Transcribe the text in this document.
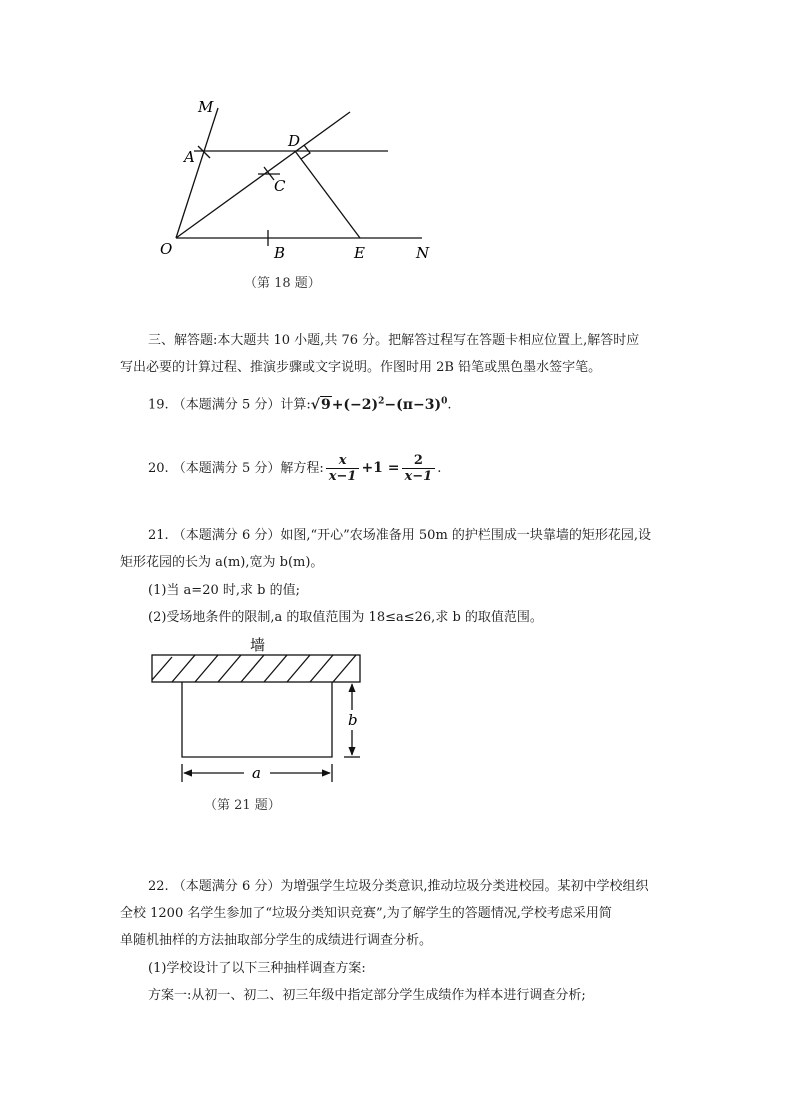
M
A
D
C
O	B	E	N
（第 18 题）
三、解答题:本大题共 10 小题,共 76 分。把解答过程写在答题卡相应位置上,解答时应
写出必要的计算过程、推演步骤或文字说明。作图时用 2B 铅笔或黑色墨水签字笔。
19. （本题满分 5 分）计算$:√9+(-2)^2-(\pi-3)^0$.
20. （本题满分 5 分）解方程: $\frac{x}{x-1} +1 = \frac{2}{x-1}$ .
21. （本题满分 6 分）如图,“开心”农场准备用 50m 的护栏围成一块靠墙的矩形花园,设
矩形花园的长为 a(m),宽为 b(m)。
(1)当 a=20 时,求 b 的值;
(2)受场地条件的限制,a 的取值范围为 18≤a≤26,求 b 的取值范围。
墙
a
b
（第 21 题）
22. （本题满分 6 分）为增强学生垃圾分类意识,推动垃圾分类进校园。某初中学校组织
全校 1200 名学生参加了“垃圾分类知识竞赛”,为了解学生的答题情况,学校考虑采用简
单随机抽样的方法抽取部分学生的成绩进行调查分析。
(1)学校设计了以下三种抽样调查方案:
方案一:从初一、初二、初三年级中指定部分学生成绩作为样本进行调查分析;
